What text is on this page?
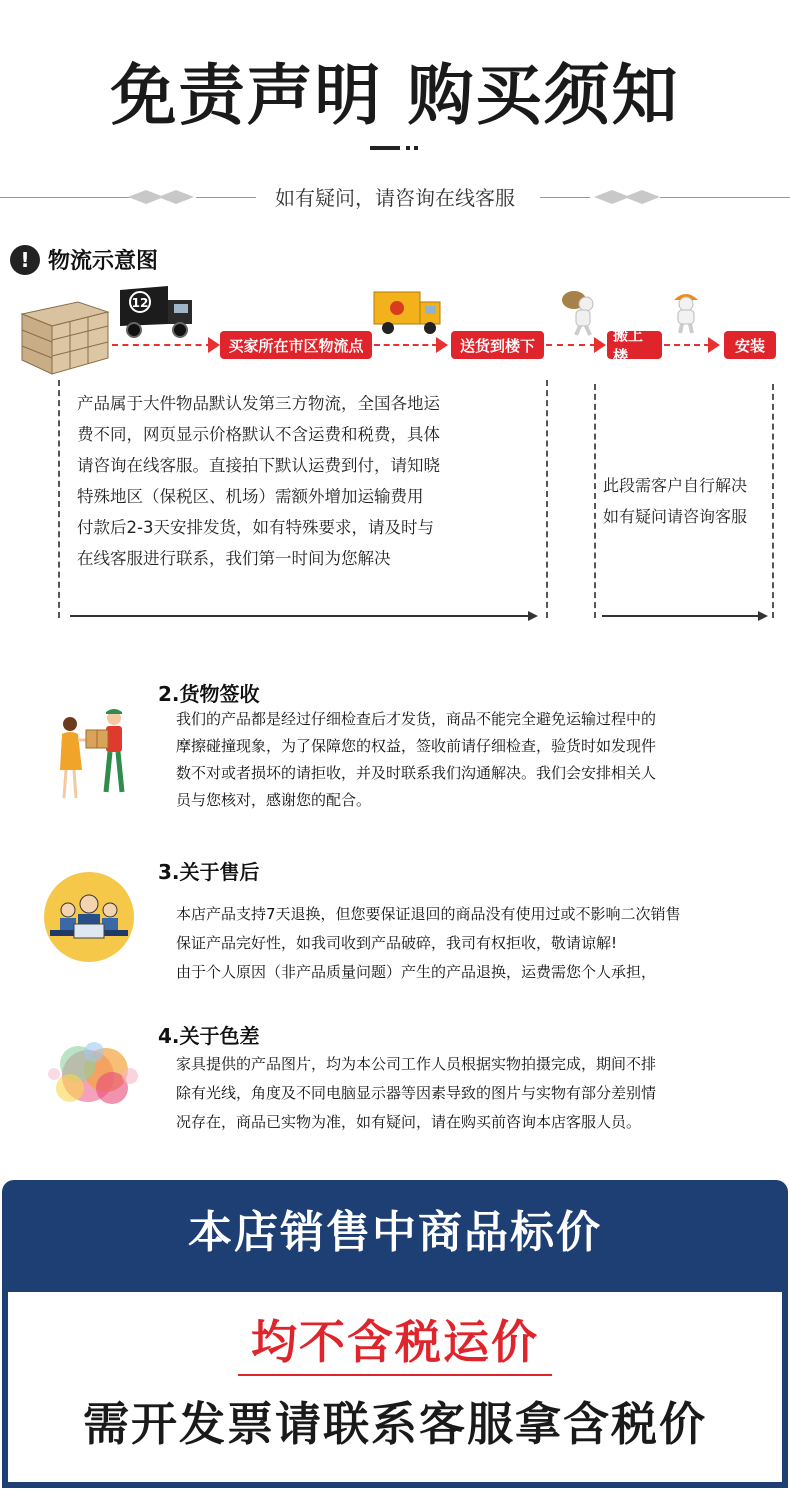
免责声明 购买须知
如有疑问，请咨询在线客服
! 物流示意图
12
买家所在市区物流点	送货到楼下
搬上楼
安装
产品属于大件物品默认发第三方物流，全国各地运
费不同，网页显示价格默认不含运费和税费，具体
请咨询在线客服。直接拍下默认运费到付，请知晓
特殊地区（保税区、机场）需额外增加运输费用
付款后2-3天安排发货，如有特殊要求，请及时与
在线客服进行联系，我们第一时间为您解决
此段需客户自行解决
如有疑问请咨询客服
2.货物签收
我们的产品都是经过仔细检查后才发货，商品不能完全避免运输过程中的
摩擦碰撞现象，为了保障您的权益，签收前请仔细检查，验货时如发现件
数不对或者损坏的请拒收，并及时联系我们沟通解决。我们会安排相关人
员与您核对，感谢您的配合。
3.关于售后
本店产品支持7天退换，但您要保证退回的商品没有使用过或不影响二次销售
保证产品完好性，如我司收到产品破碎，我司有权拒收，敬请谅解!
由于个人原因（非产品质量问题）产生的产品退换，运费需您个人承担，
4.关于色差
家具提供的产品图片，均为本公司工作人员根据实物拍摄完成，期间不排
除有光线，角度及不同电脑显示器等因素导致的图片与实物有部分差别情
况存在，商品已实物为准，如有疑问，请在购买前咨询本店客服人员。
本店销售中商品标价
均不含税运价
需开发票请联系客服拿含税价
